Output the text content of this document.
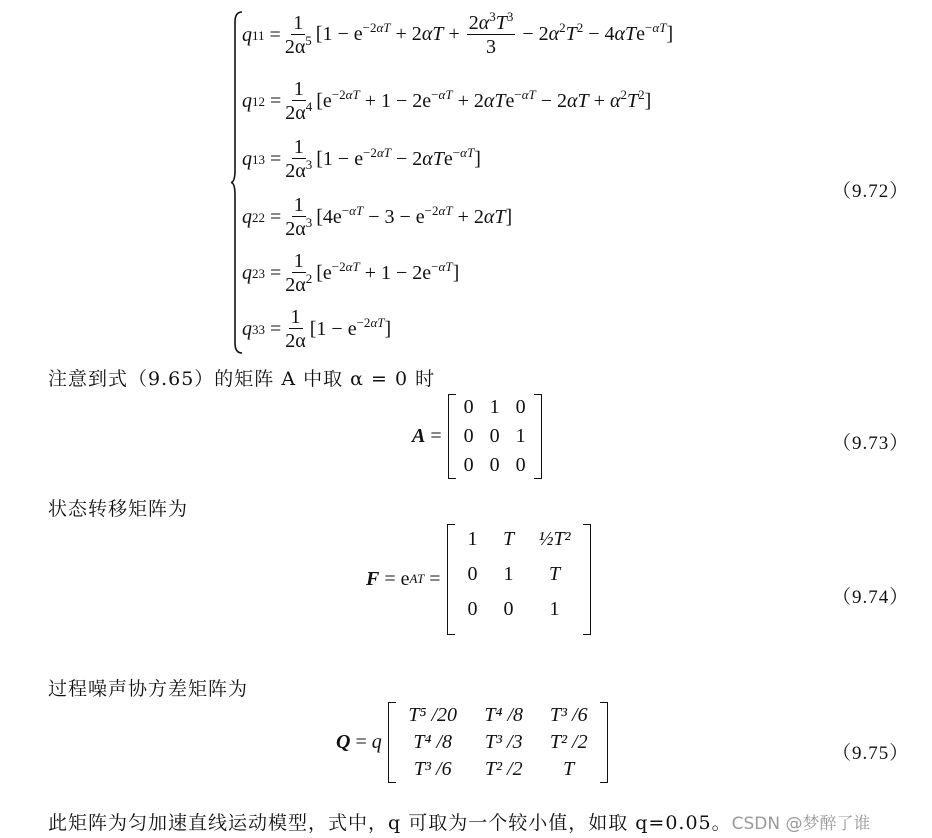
q $11 = \frac{1}{2\alpha^5} [1 - e^{-2\alpha T} + 2\alpha T + \frac{2\alpha^3T^3}{3} - 2\alpha^2T^2 - 4\alpha Te^{-\alpha T}]$
q $12 = \frac{1}{2\alpha^4} [e^{-2\alpha T} + 1 - 2e^{-\alpha T} + 2\alpha Te^{-\alpha T} - 2\alpha T + \alpha^2T^2]$
q $13 = \frac{1}{2\alpha^3} [1 - e^{-2\alpha T} - 2\alpha Te^{-\alpha T}]$
q $22 = \frac{1}{2\alpha^3} [4e^{-\alpha T} - 3 - e^{-2\alpha T} + 2\alpha T]$
q $23 = \frac{1}{2\alpha^2} [e^{-2\alpha T} + 1 - 2e^{-\alpha T}]$
q $33 = \frac{1}{2\alpha} [1 - e^{-2\alpha T}]$
（9.72）
注意到式（9.65）的矩阵 A 中取 α = 0 时
A =
0 1 0
0 0 1
0 0 0
（9.73）
状态转移矩阵为
$F = e^{AT}$ =
1	T	½T²
0	1	T
0	0	1
（9.74）
过程噪声协方差矩阵为
Q = q
T⁵ /20	T⁴ /8	T³ /6
T⁴ /8	T³ /3	T² /2
T³ /6	T² /2	T
（9.75）
此矩阵为匀加速直线运动模型，式中，q 可取为一个较小值，如取 q=0.05。CSDN @梦醉了谁
